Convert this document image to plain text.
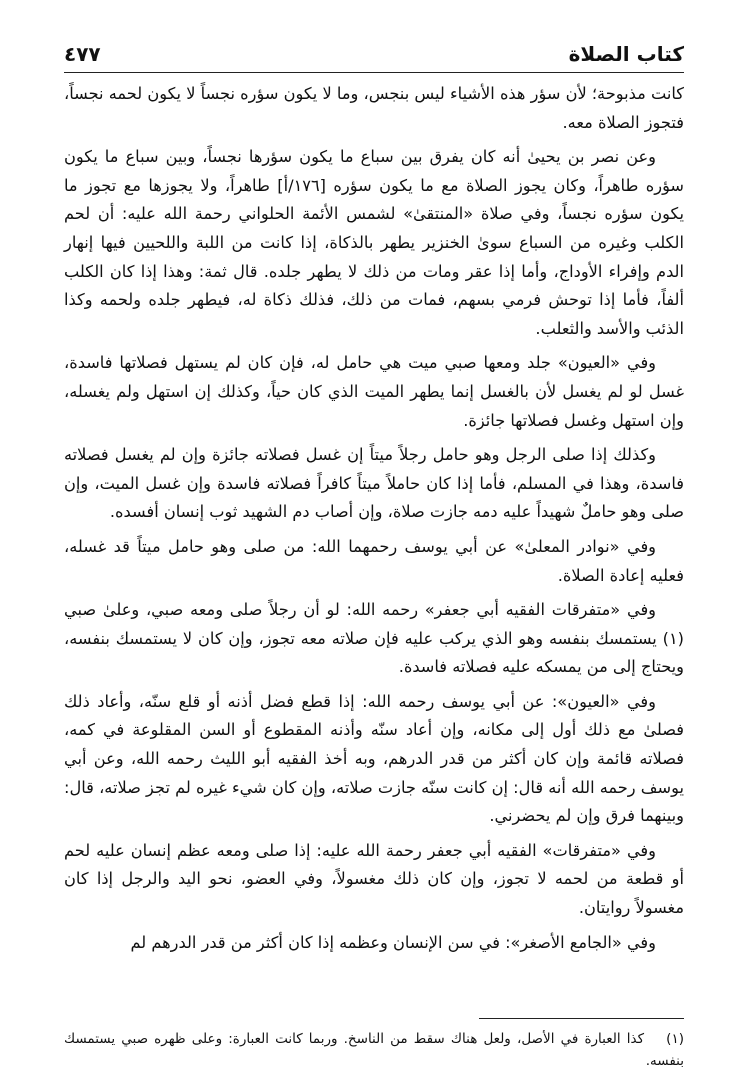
كتاب الصلاة
٤٧٧

كانت مذبوحة؛ لأن سؤر هذه الأشياء ليس بنجس، وما لا يكون سؤره نجساً لا يكون لحمه نجساً، فتجوز الصلاة معه.

وعن نصر بن يحيىٰ أنه كان يفرق بين سباع ما يكون سؤرها نجساً، وبين سباع ما يكون سؤره طاهراً، وكان يجوز الصلاة مع ما يكون سؤره [١٧٦/أ] طاهراً، ولا يجوزها مع تجوز ما يكون سؤره نجساً، وفي صلاة «المنتقىٰ» لشمس الأئمة الحلواني رحمة الله عليه: أن لحم الكلب وغيره من السباع سوىٰ الخنزير يطهر بالذكاة، إذا كانت من اللبة واللحيين فيها إنهار الدم وإفراء الأوداج، وأما إذا عقر ومات من ذلك لا يطهر جلده. قال ثمة: وهذا إذا كان الكلب ألفاً، فأما إذا توحش فرمي بسهم، فمات من ذلك، فذلك ذكاة له، فيطهر جلده ولحمه وكذا الذئب والأسد والثعلب.

وفي «العيون» جلد ومعها صبي ميت هي حامل له، فإن كان لم يستهل فصلاتها فاسدة، غسل لو لم يغسل لأن بالغسل إنما يطهر الميت الذي كان حياً، وكذلك إن استهل ولم يغسله، وإن استهل وغسل فصلاتها جائزة.

وكذلك إذا صلى الرجل وهو حامل رجلاً ميتاً إن غسل فصلاته جائزة وإن لم يغسل فصلاته فاسدة، وهذا في المسلم، فأما إذا كان حاملاً ميتاً كافراً فصلاته فاسدة وإن غسل الميت، وإن صلى وهو حاملٌ شهيداً عليه دمه جازت صلاة، وإن أصاب دم الشهيد ثوب إنسان أفسده.

وفي «نوادر المعلىٰ» عن أبي يوسف رحمهما الله: من صلى وهو حامل ميتاً قد غسله، فعليه إعادة الصلاة.

وفي «متفرقات الفقيه أبي جعفر» رحمه الله: لو أن رجلاً صلى ومعه صبي، وعلىٰ صبي (١) يستمسك بنفسه وهو الذي يركب عليه فإن صلاته معه تجوز، وإن كان لا يستمسك بنفسه، ويحتاج إلى من يمسكه عليه فصلاته فاسدة.

وفي «العيون»: عن أبي يوسف رحمه الله: إذا قطع فضل أذنه أو قلع سنّه، وأعاد ذلك فصلىٰ مع ذلك أول إلى مكانه، وإن أعاد سنّه وأذنه المقطوع أو السن المقلوعة في كمه، فصلاته قائمة وإن كان أكثر من قدر الدرهم، وبه أخذ الفقيه أبو الليث رحمه الله، وعن أبي يوسف رحمه الله أنه قال: إن كانت سنّه جازت صلاته، وإن كان شيء غيره لم تجز صلاته، قال: وبينهما فرق وإن لم يحضرني.

وفي «متفرقات» الفقيه أبي جعفر رحمة الله عليه: إذا صلى ومعه عظم إنسان عليه لحم أو قطعة من لحمه لا تجوز، وإن كان ذلك مغسولاً، وفي العضو، نحو اليد والرجل إذا كان مغسولاً روايتان.

وفي «الجامع الأصغر»: في سن الإنسان وعظمه إذا كان أكثر من قدر الدرهم لم

(١) كذا العبارة في الأصل، ولعل هناك سقط من الناسخ. وربما كانت العبارة: وعلى ظهره صبي يستمسك بنفسه.
